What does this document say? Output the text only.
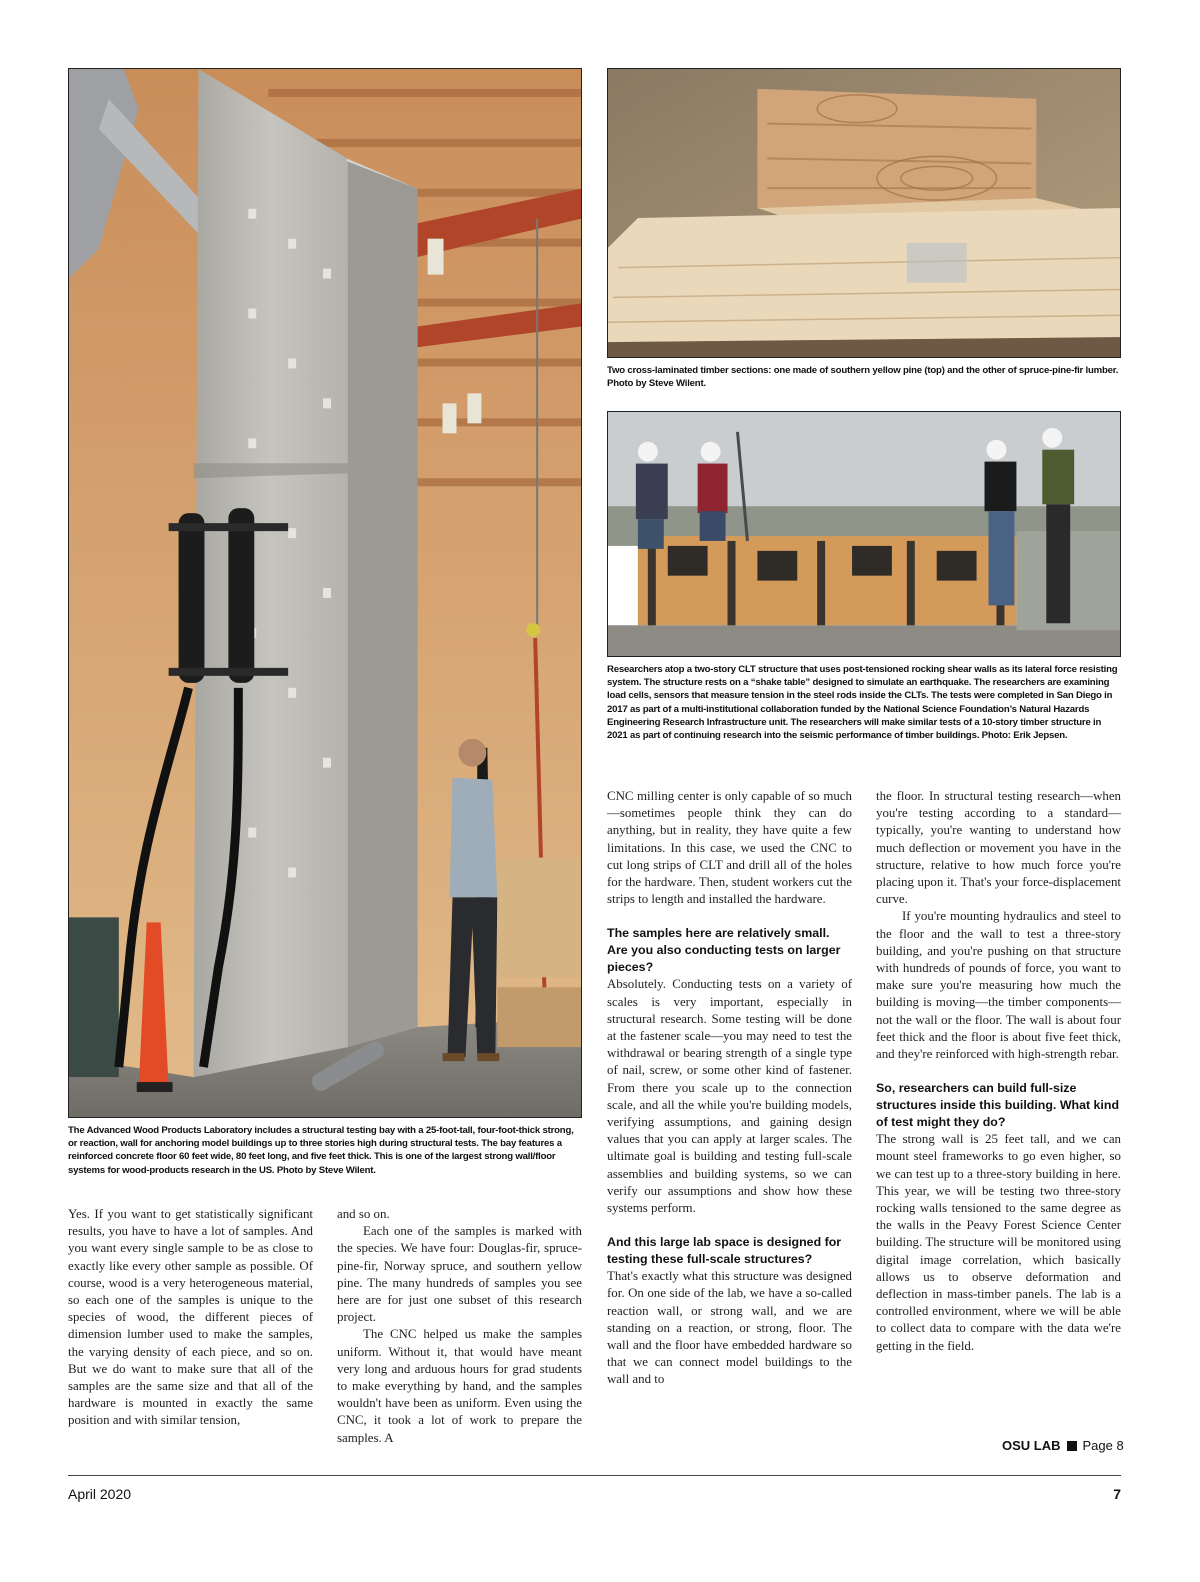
The Advanced Wood Products Laboratory includes a structural testing bay with a 25-foot-tall, four-foot-thick strong, or reaction, wall for anchoring model buildings up to three stories high during structural tests. The bay features a reinforced concrete floor 60 feet wide, 80 feet long, and five feet thick. This is one of the largest strong wall/floor systems for wood-products research in the US. Photo by Steve Wilent.

Two cross-laminated timber sections: one made of southern yellow pine (top) and the other of spruce-pine-fir lumber. Photo by Steve Wilent.

Researchers atop a two-story CLT structure that uses post-tensioned rocking shear walls as its lateral force resisting system. The structure rests on a “shake table” designed to simulate an earthquake. The researchers are examining load cells, sensors that measure tension in the steel rods inside the CLTs. The tests were completed in San Diego in 2017 as part of a multi-institutional collaboration funded by the National Science Foundation’s Natural Hazards Engineering Research Infrastructure unit. The researchers will make similar tests of a 10-story timber structure in 2021 as part of continuing research into the seismic performance of timber buildings. Photo: Erik Jepsen.

Yes. If you want to get statistically significant results, you have to have a lot of samples. And you want every single sample to be as close to exactly like every other sample as possible. Of course, wood is a very heterogeneous material, so each one of the samples is unique to the species of wood, the different pieces of dimension lumber used to make the samples, the varying density of each piece, and so on. But we do want to make sure that all of the samples are the same size and that all of the hardware is mounted in exactly the same position and with similar tension,

and so on.

Each one of the samples is marked with the species. We have four: Douglas-fir, spruce-pine-fir, Norway spruce, and southern yellow pine. The many hundreds of samples you see here are for just one subset of this research project.

The CNC helped us make the samples uniform. Without it, that would have meant very long and arduous hours for grad students to make everything by hand, and the samples wouldn't have been as uniform. Even using the CNC, it took a lot of work to prepare the samples. A

CNC milling center is only capable of so much—sometimes people think they can do anything, but in reality, they have quite a few limitations. In this case, we used the CNC to cut long strips of CLT and drill all of the holes for the hardware. Then, student workers cut the strips to length and installed the hardware.

The samples here are relatively small. Are you also conducting tests on larger pieces?

Absolutely. Conducting tests on a variety of scales is very important, especially in structural research. Some testing will be done at the fastener scale—you may need to test the withdrawal or bearing strength of a single type of nail, screw, or some other kind of fastener. From there you scale up to the connection scale, and all the while you're building models, verifying assumptions, and gaining design values that you can apply at larger scales. The ultimate goal is building and testing full-scale assemblies and building systems, so we can verify our assumptions and show how these systems perform.

And this large lab space is designed for testing these full-scale structures?

That's exactly what this structure was designed for. On one side of the lab, we have a so-called reaction wall, or strong wall, and we are standing on a reaction, or strong, floor. The wall and the floor have embedded hardware so that we can connect model buildings to the wall and to

the floor. In structural testing research—when you're testing according to a standard—typically, you're wanting to understand how much deflection or movement you have in the structure, relative to how much force you're placing upon it. That's your force-displacement curve.

If you're mounting hydraulics and steel to the floor and the wall to test a three-story building, and you're pushing on that structure with hundreds of pounds of force, you want to make sure you're measuring how much the building is moving—the timber components—not the wall or the floor. The wall is about four feet thick and the floor is about five feet thick, and they're reinforced with high-strength rebar.

So, researchers can build full-size structures inside this building. What kind of test might they do?

The strong wall is 25 feet tall, and we can mount steel frameworks to go even higher, so we can test up to a three-story building in here. This year, we will be testing two three-story rocking walls tensioned to the same degree as the walls in the Peavy Forest Science Center building. The structure will be monitored using digital image correlation, which basically allows us to observe deformation and deflection in mass-timber panels. The lab is a controlled environment, where we will be able to collect data to compare with the data we're getting in the field.

OSU LAB Page 8
April 2020	7
